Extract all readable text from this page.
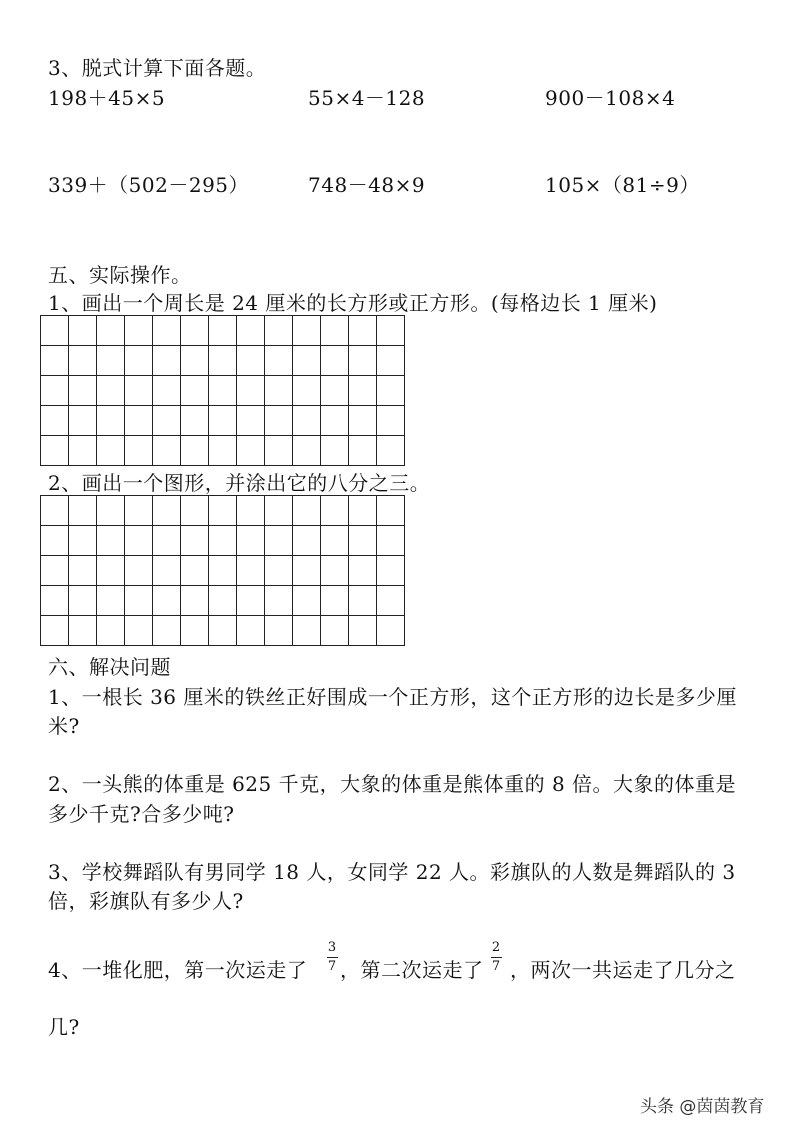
3、脱式计算下面各题。
198＋45×5	55×4－128	900－108×4
339＋（502－295）	748－48×9	105×（81÷9）
五、实际操作。
1、画出一个周长是 24 厘米的长方形或正方形。(每格边长 1 厘米)
2、画出一个图形，并涂出它的八分之三。
六、解决问题
1、一根长 36 厘米的铁丝正好围成一个正方形，这个正方形的边长是多少厘
米?
2、一头熊的体重是 625 千克，大象的体重是熊体重的 8 倍。大象的体重是
多少千克?合多少吨?
3、学校舞蹈队有男同学 18 人，女同学 22 人。彩旗队的人数是舞蹈队的 3
倍，彩旗队有多少人?
4、一堆化肥，第一次运走了
3
7 ，第二次运走了
2
7 ，两次一共运走了几分之
几?
头条 @茵茵教育
